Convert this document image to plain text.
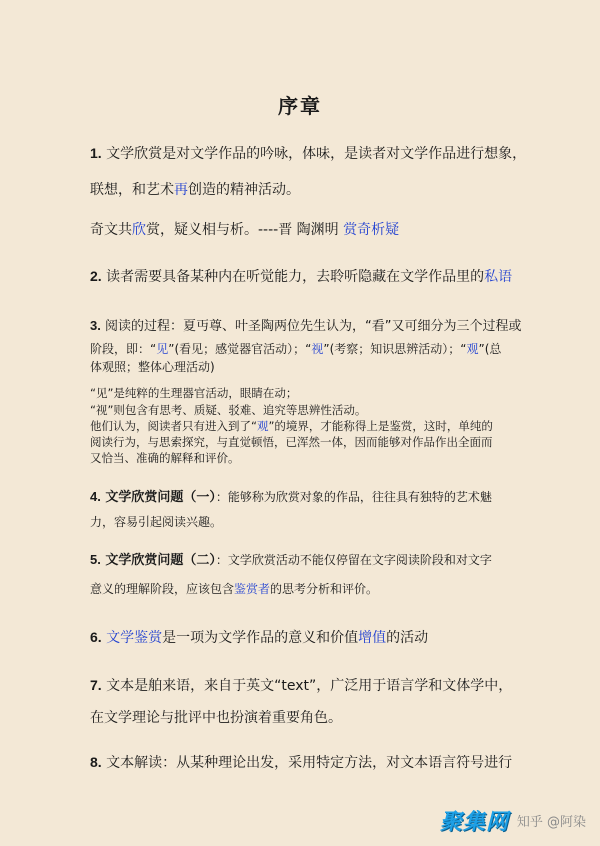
序章
1. 文学欣赏是对文学作品的吟咏，体味，是读者对文学作品进行想象，
联想，和艺术再创造的精神活动。
奇文共欣赏，疑义相与析。----晋 陶渊明 赏奇析疑
2. 读者需要具备某种内在听觉能力，去聆听隐藏在文学作品里的私语
3. 阅读的过程：夏丏尊、叶圣陶两位先生认为，“看”又可细分为三个过程或
阶段，即：“见”(看见；感觉器官活动）；“视”(考察；知识思辨活动）；“观”(总
体观照；整体心理活动)
“见”是纯粹的生理器官活动，眼睛在动；
“视”则包含有思考、质疑、驳难、追究等思辨性活动。
他们认为，阅读者只有进入到了“观”的境界，才能称得上是鉴赏，这时，单纯的
阅读行为，与思索探究，与直觉顿悟，已浑然一体，因而能够对作品作出全面而
又恰当、准确的解释和评价。
4. 文学欣赏问题（一）：能够称为欣赏对象的作品，往往具有独特的艺术魅
力，容易引起阅读兴趣。
5. 文学欣赏问题（二）：文学欣赏活动不能仅停留在文字阅读阶段和对文字
意义的理解阶段，应该包含鉴赏者的思考分析和评价。
6. 文学鉴赏是一项为文学作品的意义和价值增值的活动
7. 文本是舶来语，来自于英文“text”，广泛用于语言学和文体学中，
在文学理论与批评中也扮演着重要角色。
8. 文本解读：从某种理论出发，采用特定方法，对文本语言符号进行
聚集网 知乎 @阿染
